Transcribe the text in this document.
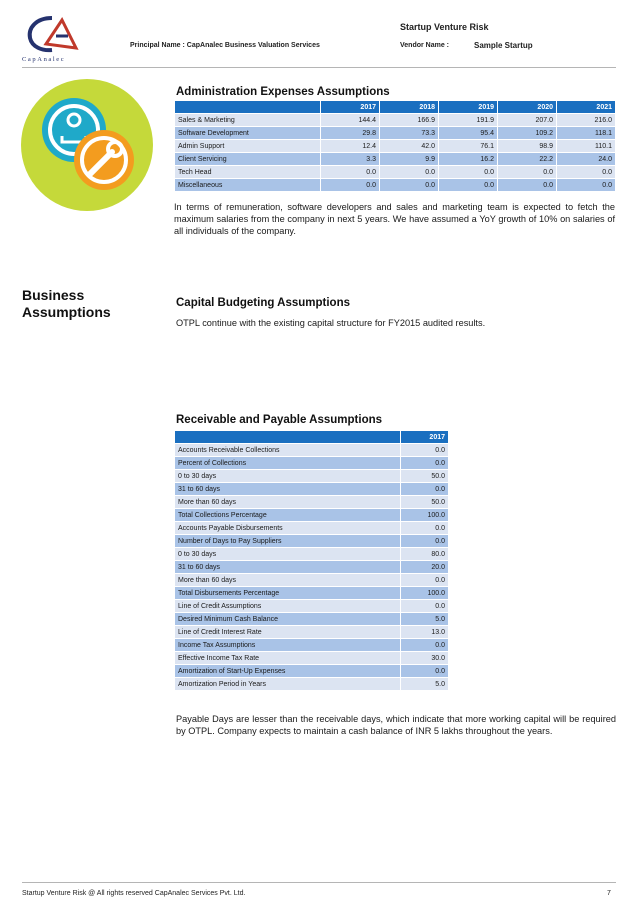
CapAnalec
Principal Name : CapAnalec Business Valuation Services
Startup Venture Risk
Vendor Name :	Sample Startup
Administration Expenses Assumptions
	2017	2018	2019	2020	2021
Sales & Marketing	144.4	166.9	191.9	207.0	216.0
Software Development	29.8	73.3	95.4	109.2	118.1
Admin Support	12.4	42.0	76.1	98.9	110.1
Client Servicing	3.3	9.9	16.2	22.2	24.0
Tech Head	0.0	0.0	0.0	0.0	0.0
Miscellaneous	0.0	0.0	0.0	0.0	0.0
In terms of remuneration, software developers and sales and marketing team is expected to fetch the maximum salaries from the company in next 5 years. We have assumed a YoY growth of 10% on salaries of all individuals of the company.
Business
Assumptions
Capital Budgeting Assumptions
OTPL continue with the existing capital structure for FY2015 audited results.
Receivable and Payable Assumptions
	2017
Accounts Receivable Collections	0.0
Percent of Collections	0.0
0 to 30 days	50.0
31 to 60 days	0.0
More than 60 days	50.0
Total Collections Percentage	100.0
Accounts Payable Disbursements	0.0
Number of Days to Pay Suppliers	0.0
0 to 30 days	80.0
31 to 60 days	20.0
More than 60 days	0.0
Total Disbursements Percentage	100.0
Line of Credit Assumptions	0.0
Desired Minimum Cash Balance	5.0
Line of Credit Interest Rate	13.0
Income Tax Assumptions	0.0
Effective Income Tax Rate	30.0
Amortization of Start-Up Expenses	0.0
Amortization Period in Years	5.0
Payable Days are lesser than the receivable days, which indicate that more working capital will be required by OTPL. Company expects to maintain a cash balance of INR 5 lakhs throughout the years.
Startup Venture Risk @ All rights reserved CapAnalec Services Pvt. Ltd.	7
